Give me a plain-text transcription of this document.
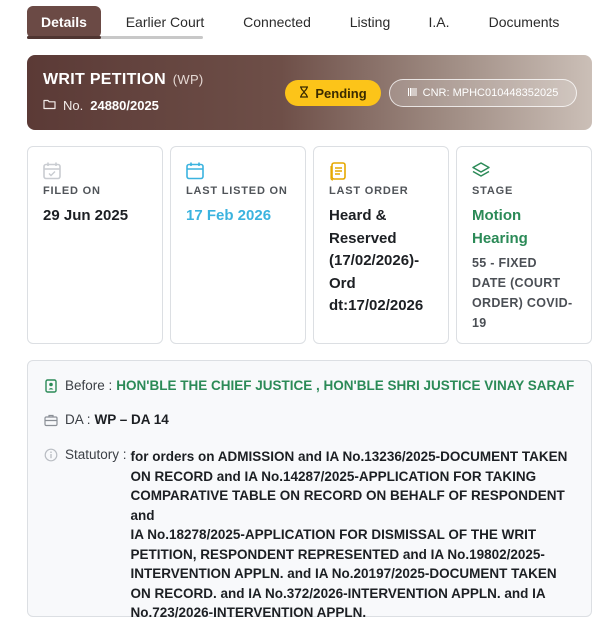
Details	Earlier Court	Connected	Listing	I.A.	Documents
WRIT PETITION (WP)
No. 24880/2025
Pending	CNR: MPHC010448352025
FILED ON
29 Jun 2025
LAST LISTED ON
17 Feb 2026
LAST ORDER
Heard &
Reserved
(17/02/2026)-
Ord
dt:17/02/2026
STAGE
Motion
Hearing
55 - FIXED
DATE (COURT
ORDER) COVID-
19
Before : HON'BLE THE CHIEF JUSTICE , HON'BLE SHRI JUSTICE VINAY SARAF
DA : WP – DA 14
Statutory : for orders on ADMISSION and IA No.13236/2025-DOCUMENT TAKEN
ON RECORD and IA No.14287/2025-APPLICATION FOR TAKING
COMPARATIVE TABLE ON RECORD ON BEHALF OF RESPONDENT and
IA No.18278/2025-APPLICATION FOR DISMISSAL OF THE WRIT
PETITION, RESPONDENT REPRESENTED and IA No.19802/2025-
INTERVENTION APPLN. and IA No.20197/2025-DOCUMENT TAKEN
ON RECORD. and IA No.372/2026-INTERVENTION APPLN. and IA
No.723/2026-INTERVENTION APPLN.
